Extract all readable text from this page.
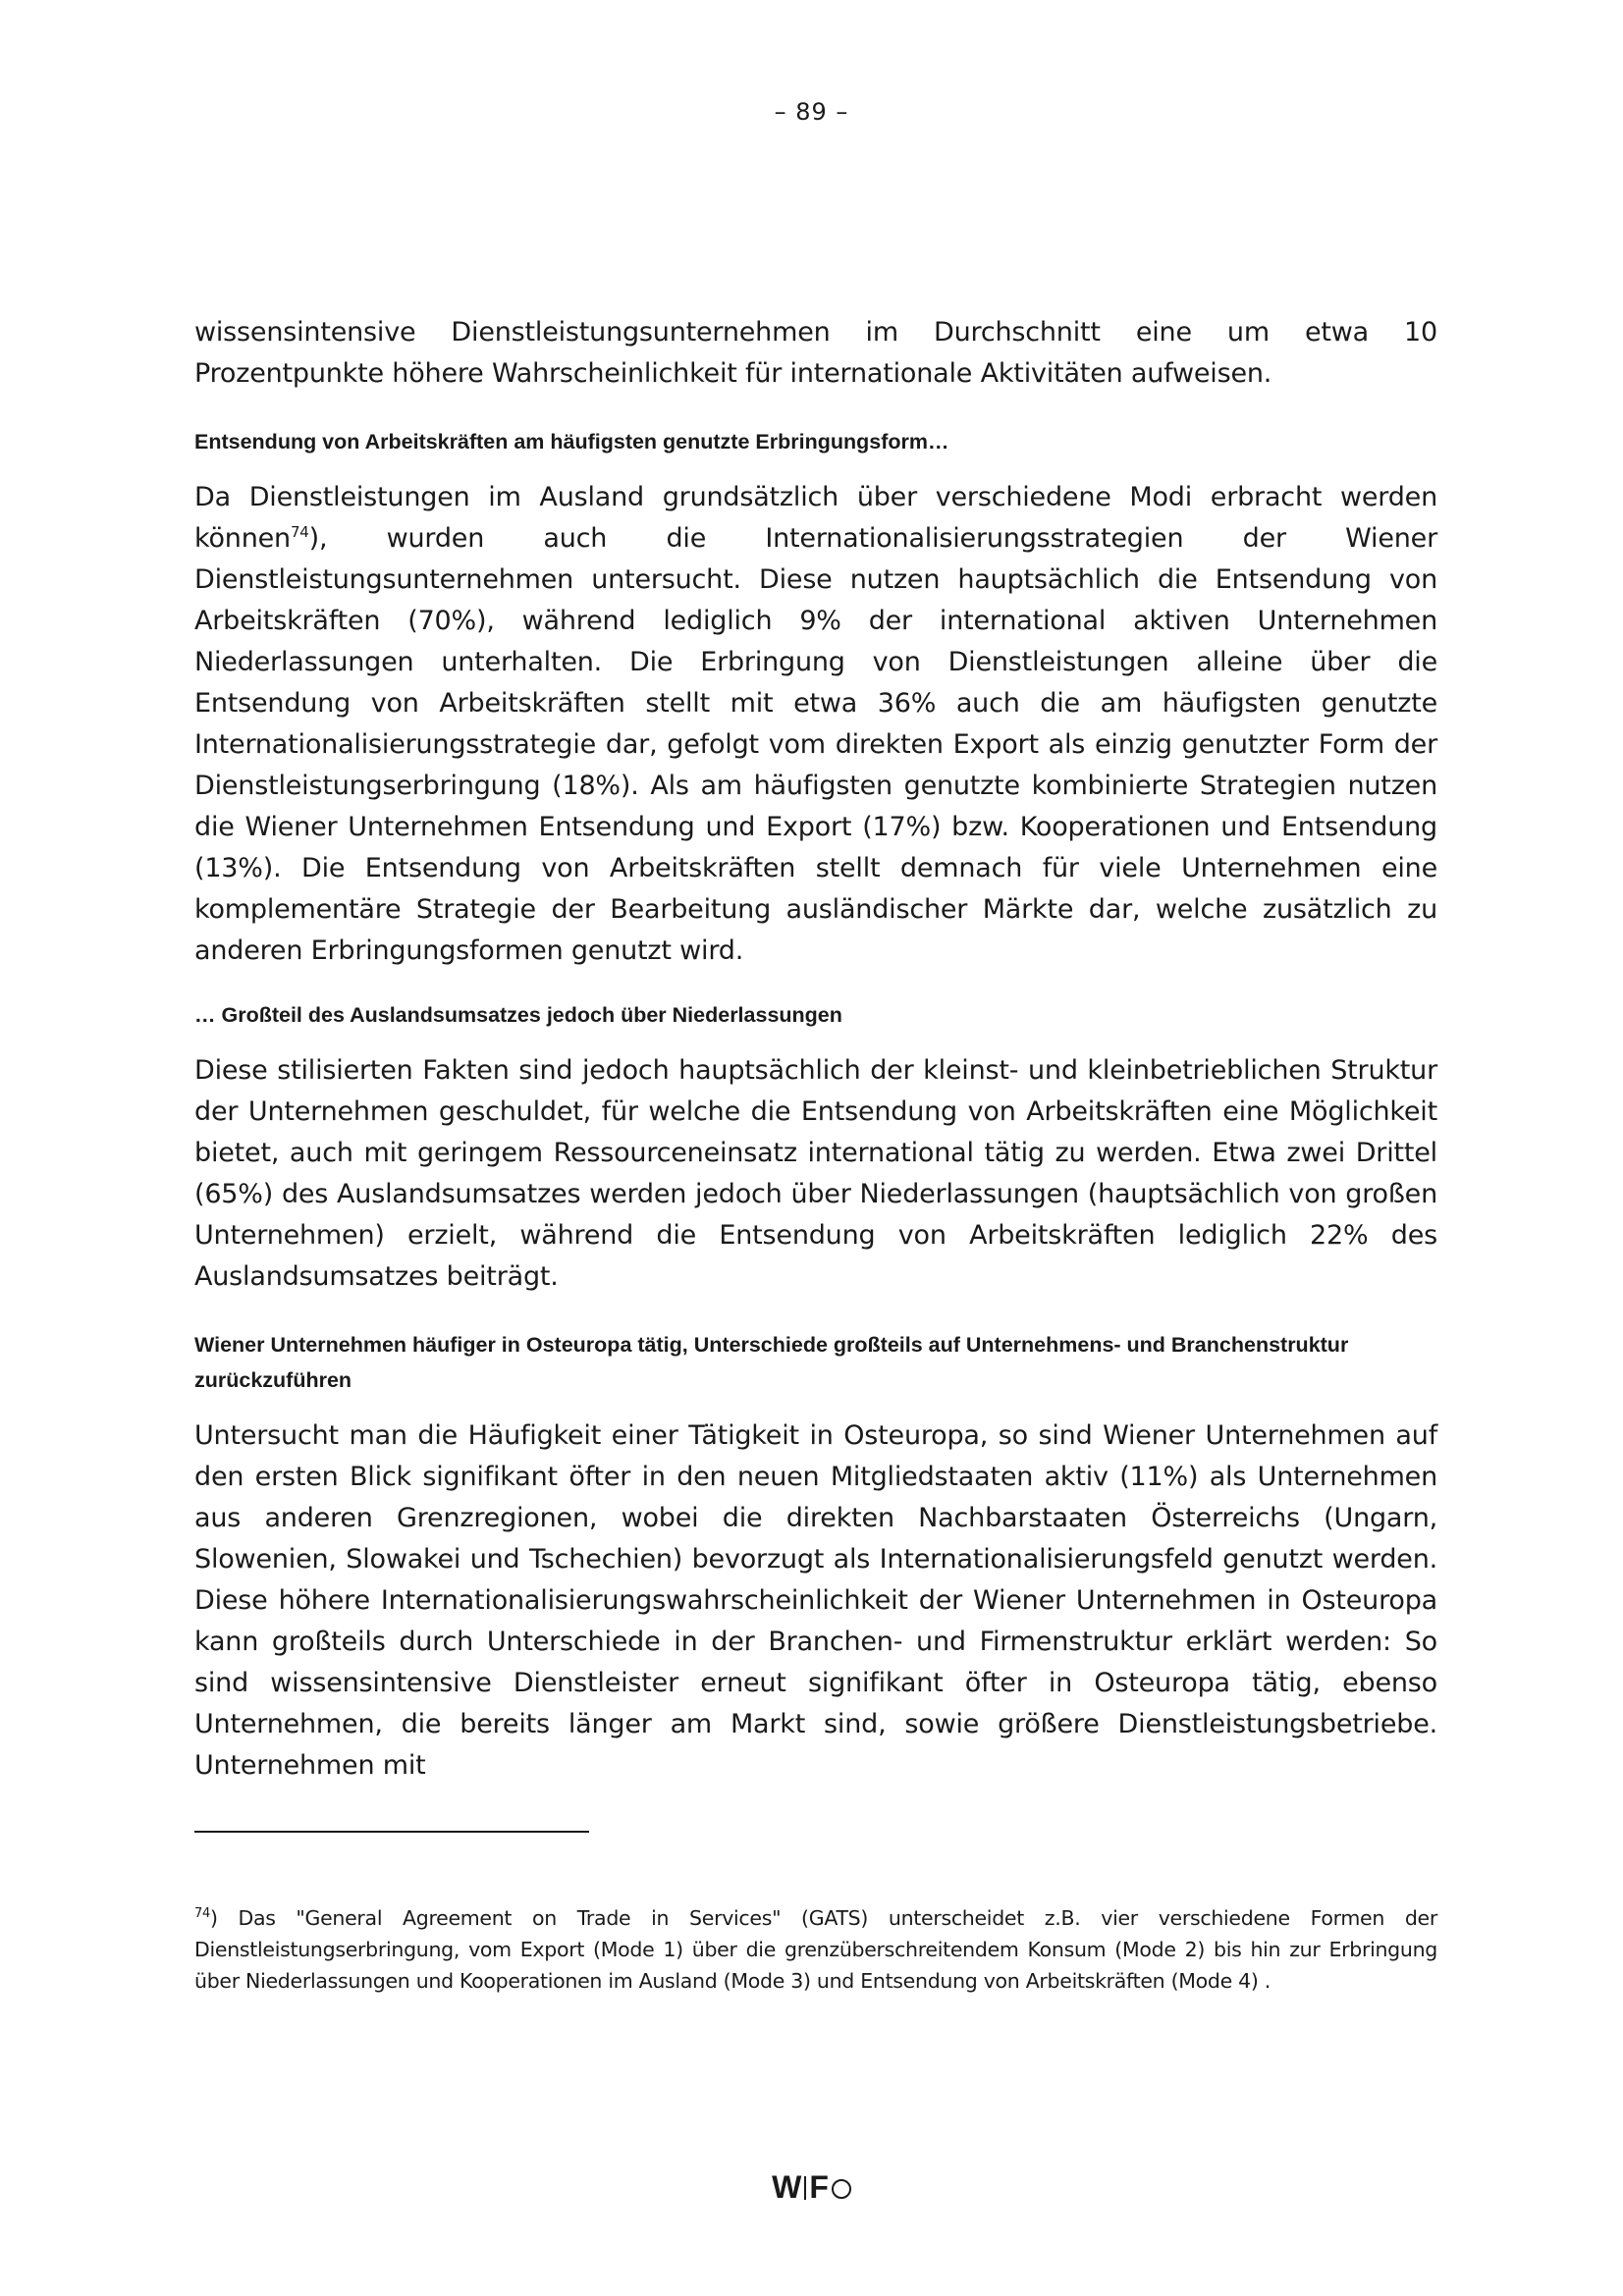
– 89 –

wissensintensive Dienstleistungsunternehmen im Durchschnitt eine um etwa 10 Prozentpunkte höhere Wahrscheinlichkeit für internationale Aktivitäten aufweisen.

Entsendung von Arbeitskräften am häufigsten genutzte Erbringungsform…

Da Dienstleistungen im Ausland grundsätzlich über verschiedene Modi erbracht werden können$^{74}$), wurden auch die Internationalisierungsstrategien der Wiener Dienstleistungsunternehmen untersucht. Diese nutzen hauptsächlich die Entsendung von Arbeitskräften (70%), während lediglich 9% der international aktiven Unternehmen Niederlassungen unterhalten. Die Erbringung von Dienstleistungen alleine über die Entsendung von Arbeitskräften stellt mit etwa 36% auch die am häufigsten genutzte Internationalisierungsstrategie dar, gefolgt vom direkten Export als einzig genutzter Form der Dienstleistungserbringung (18%). Als am häufigsten genutzte kombinierte Strategien nutzen die Wiener Unternehmen Entsendung und Export (17%) bzw. Kooperationen und Entsendung (13%). Die Entsendung von Arbeitskräften stellt demnach für viele Unternehmen eine komplementäre Strategie der Bearbeitung ausländischer Märkte dar, welche zusätzlich zu anderen Erbringungsformen genutzt wird.

… Großteil des Auslandsumsatzes jedoch über Niederlassungen

Diese stilisierten Fakten sind jedoch hauptsächlich der kleinst- und kleinbetrieblichen Struktur der Unternehmen geschuldet, für welche die Entsendung von Arbeitskräften eine Möglichkeit bietet, auch mit geringem Ressourceneinsatz international tätig zu werden. Etwa zwei Drittel (65%) des Auslandsumsatzes werden jedoch über Niederlassungen (hauptsächlich von großen Unternehmen) erzielt, während die Entsendung von Arbeitskräften lediglich 22% des Auslandsumsatzes beiträgt.

Wiener Unternehmen häufiger in Osteuropa tätig, Unterschiede großteils auf Unternehmens- und Branchenstruktur zurückzuführen

Untersucht man die Häufigkeit einer Tätigkeit in Osteuropa, so sind Wiener Unternehmen auf den ersten Blick signifikant öfter in den neuen Mitgliedstaaten aktiv (11%) als Unternehmen aus anderen Grenzregionen, wobei die direkten Nachbarstaaten Österreichs (Ungarn, Slowenien, Slowakei und Tschechien) bevorzugt als Internationalisierungsfeld genutzt werden. Diese höhere Internationalisierungswahrscheinlichkeit der Wiener Unternehmen in Osteuropa kann großteils durch Unterschiede in der Branchen- und Firmenstruktur erklärt werden: So sind wissensintensive Dienstleister erneut signifikant öfter in Osteuropa tätig, ebenso Unternehmen, die bereits länger am Markt sind, sowie größere Dienstleistungsbetriebe. Unternehmen mit

$^{74}$) Das "General Agreement on Trade in Services" (GATS) unterscheidet z.B. vier verschiedene Formen der Dienstleistungserbringung, vom Export (Mode 1) über die grenzüberschreitendem Konsum (Mode 2) bis hin zur Erbringung über Niederlassungen und Kooperationen im Ausland (Mode 3) und Entsendung von Arbeitskräften (Mode 4) .
W F
